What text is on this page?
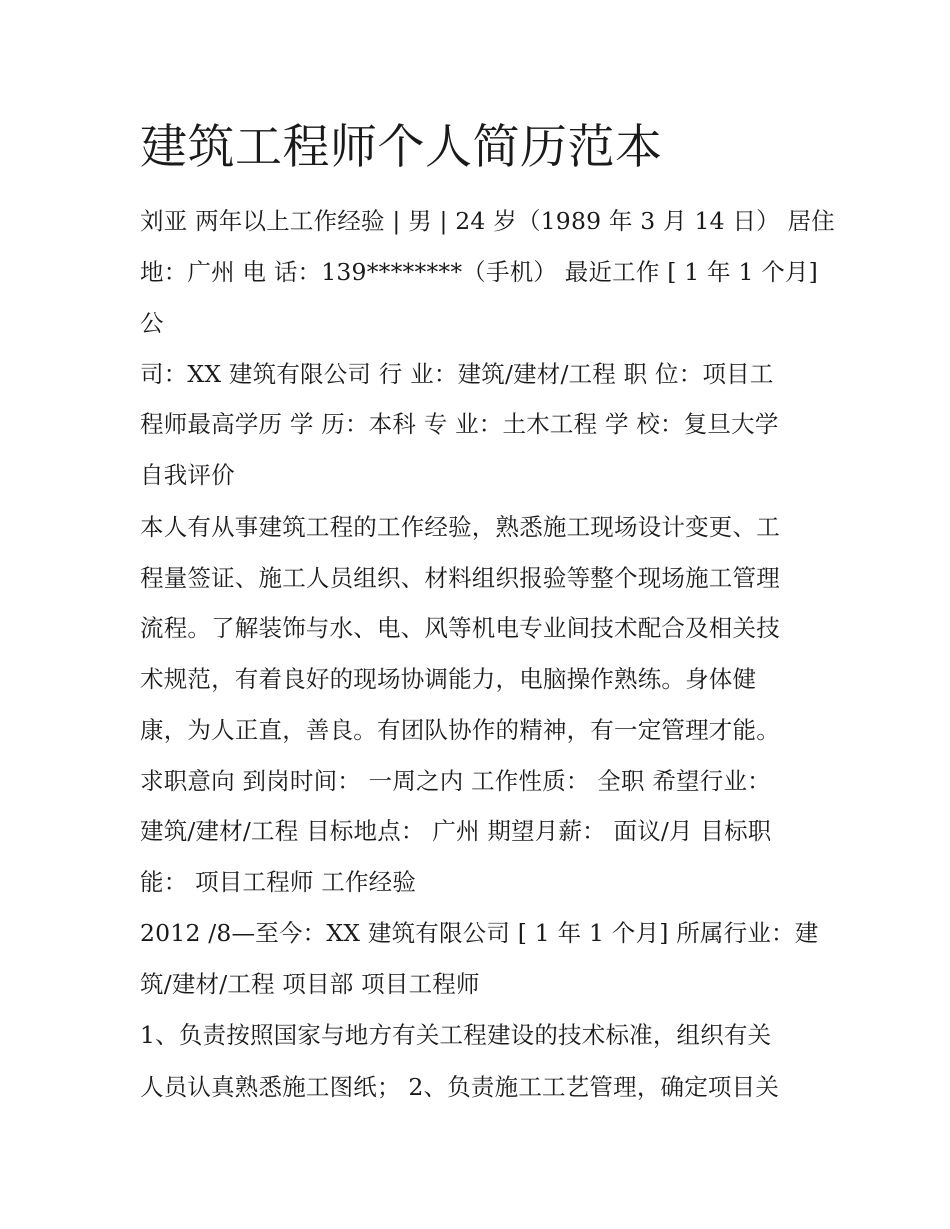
建筑工程师个人简历范本

刘亚 两年以上工作经验 | 男 | 24 岁（1989 年 3 月 14 日） 居住

地：广州 电 话：139********（手机） 最近工作 [ 1 年 1 个月]

公

司：XX 建筑有限公司 行 业：建筑/建材/工程 职 位：项目工

程师最高学历 学 历：本科 专 业：土木工程 学 校：复旦大学

自我评价

本人有从事建筑工程的工作经验，熟悉施工现场设计变更、工

程量签证、施工人员组织、材料组织报验等整个现场施工管理

流程。了解装饰与水、电、风等机电专业间技术配合及相关技

术规范，有着良好的现场协调能力，电脑操作熟练。身体健

康，为人正直，善良。有团队协作的精神，有一定管理才能。

求职意向 到岗时间： 一周之内 工作性质： 全职 希望行业：

建筑/建材/工程 目标地点： 广州 期望月薪： 面议/月 目标职

能： 项目工程师 工作经验

2012 /8—至今：XX 建筑有限公司 [ 1 年 1 个月] 所属行业：建

筑/建材/工程 项目部 项目工程师

1、负责按照国家与地方有关工程建设的技术标准，组织有关

人员认真熟悉施工图纸； 2、负责施工工艺管理，确定项目关
